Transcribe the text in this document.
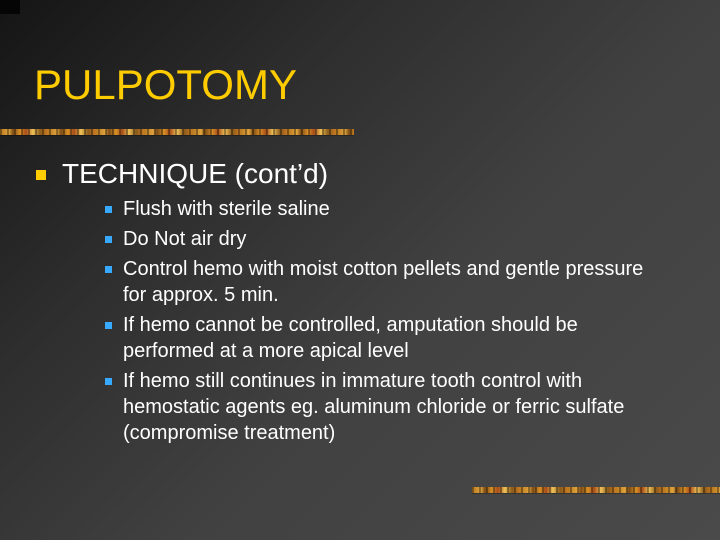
PULPOTOMY
TECHNIQUE (cont’d)
Flush with sterile saline
Do Not air dry
Control hemo with moist cotton pellets and gentle pressure for approx. 5 min.
If hemo cannot be controlled, amputation should be performed at a more apical level
If hemo still continues in immature tooth control with hemostatic agents eg. aluminum chloride or ferric sulfate (compromise treatment)
